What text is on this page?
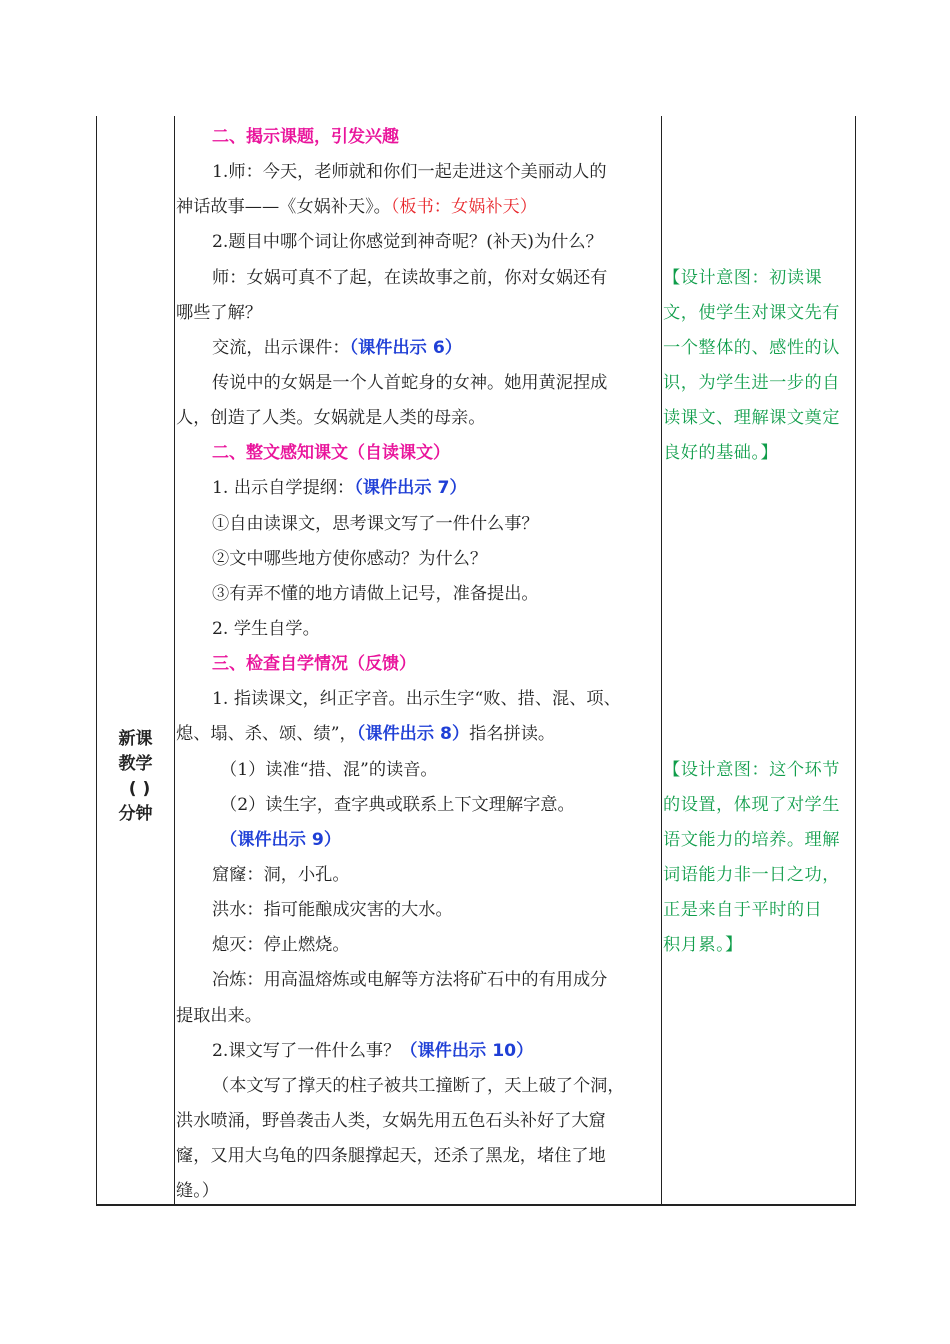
新课
教学
( )
分钟
二、揭示课题，引发兴趣
1.师：今天，老师就和你们一起走进这个美丽动人的
神话故事——《女娲补天》。（板书：女娲补天）
2.题目中哪个词让你感觉到神奇呢？(补天)为什么？
师：女娲可真不了起，在读故事之前，你对女娲还有
哪些了解？
交流，出示课件：（课件出示 6）
传说中的女娲是一个人首蛇身的女神。她用黄泥捏成
人，创造了人类。女娲就是人类的母亲。
二、整文感知课文（自读课文）
1. 出示自学提纲：（课件出示 7）
①自由读课文，思考课文写了一件什么事？
②文中哪些地方使你感动？为什么？
③有弄不懂的地方请做上记号，准备提出。
2. 学生自学。
三、检查自学情况（反馈）
1. 指读课文，纠正字音。出示生字“败、措、混、项、
熄、塌、杀、颂、绩”，（课件出示 8）指名拼读。
（1）读准“措、混”的读音。
（2）读生字，查字典或联系上下文理解字意。
（课件出示 9）
窟窿：洞，小孔。
洪水：指可能酿成灾害的大水。
熄灭：停止燃烧。
冶炼：用高温熔炼或电解等方法将矿石中的有用成分
提取出来。
2.课文写了一件什么事？（课件出示 10）
（本文写了撑天的柱子被共工撞断了，天上破了个洞，
洪水喷涌，野兽袭击人类，女娲先用五色石头补好了大窟
窿，又用大乌龟的四条腿撑起天，还杀了黑龙，堵住了地
缝。）
【设计意图：初读课
文，使学生对课文先有
一个整体的、感性的认
识，为学生进一步的自
读课文、理解课文奠定
良好的基础。】
【设计意图：这个环节
的设置，体现了对学生
语文能力的培养。理解
词语能力非一日之功，
正是来自于平时的日
积月累。】
